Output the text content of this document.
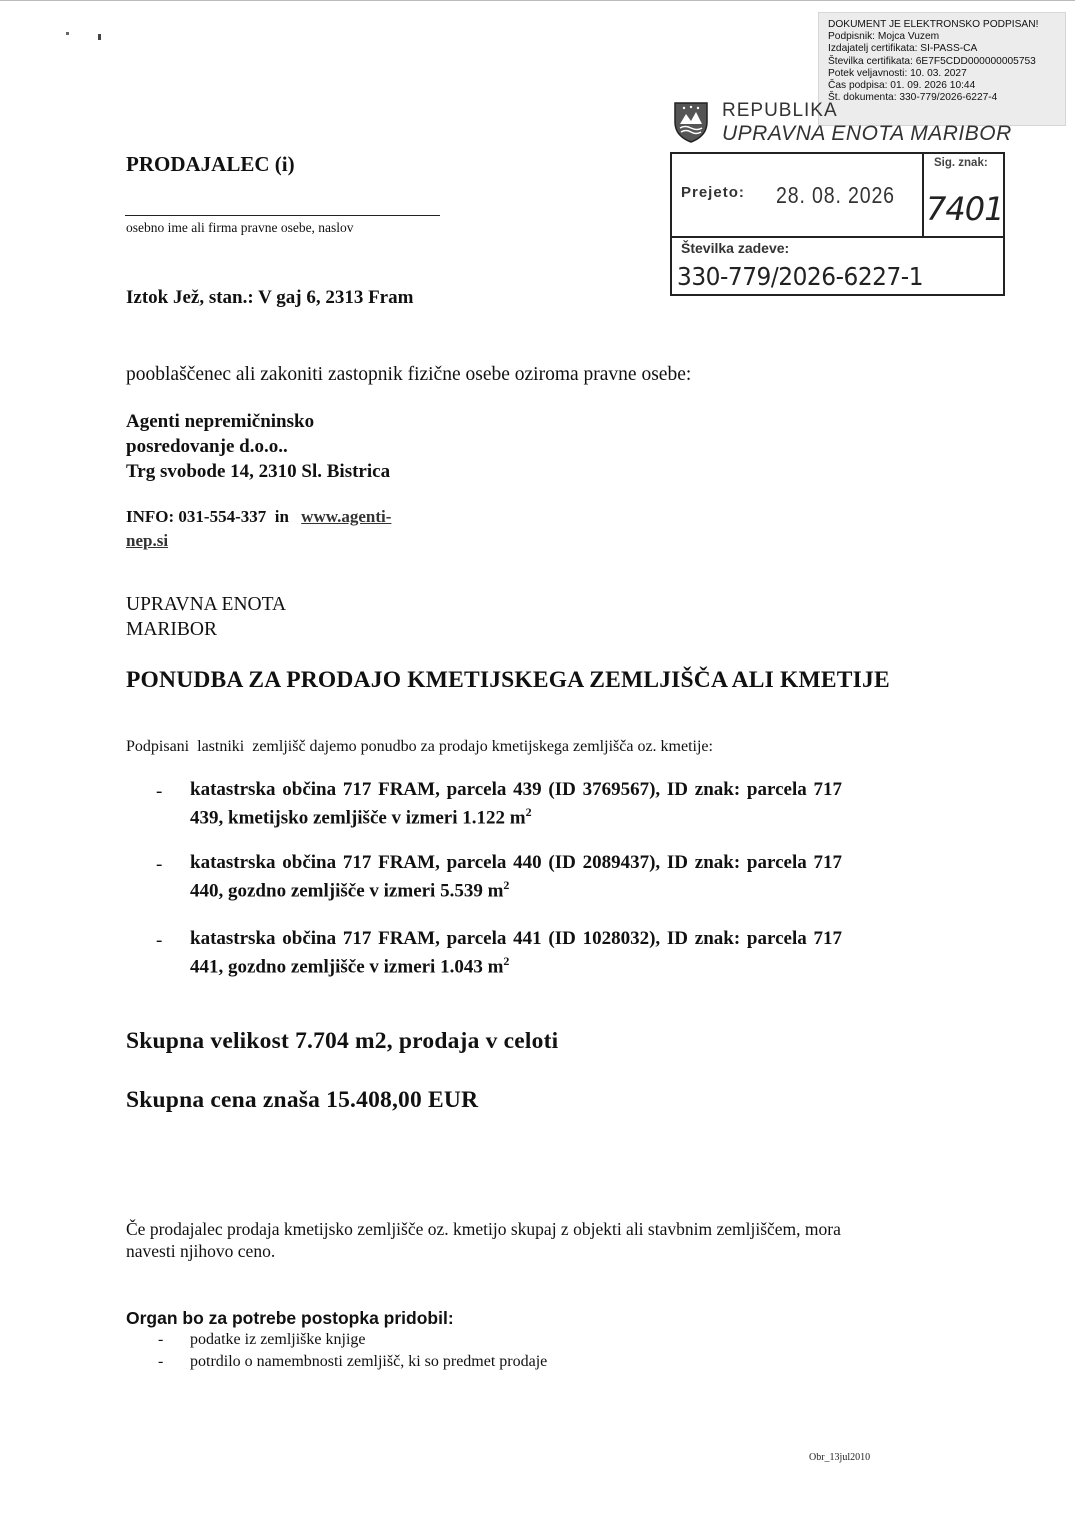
DOKUMENT JE ELEKTRONSKO PODPISAN!
Podpisnik: Mojca Vuzem
Izdajatelj certifikata: SI-PASS-CA
Številka certifikata: 6E7F5CDD000000005753
Potek veljavnosti: 10. 03. 2027
Čas podpisa: 01. 09. 2026 10:44
Št. dokumenta: 330-779/2026-6227-4
REPUBLIKA
UPRAVNA ENOTA MARIBOR
Prejeto: 28. 08. 2026
Sig. znak:
7401
Številka zadeve:
330-779/2026-6227-1
PRODAJALEC (i)
osebno ime ali firma pravne osebe, naslov
Iztok Jež, stan.: V gaj 6, 2313 Fram
pooblaščenec ali zakoniti zastopnik fizične osebe oziroma pravne osebe:
Agenti nepremičninsko
posredovanje d.o.o..
Trg svobode 14, 2310 Sl. Bistrica
INFO: 031-554-337  in www.agenti-
nep.si
UPRAVNA ENOTA
MARIBOR
PONUDBA ZA PRODAJO KMETIJSKEGA ZEMLJIŠČA ALI KMETIJE
Podpisani  lastniki  zemljišč dajemo ponudbo za prodajo kmetijskega zemljišča oz. kmetije:
- katastrska občina 717 FRAM, parcela 439 (ID 3769567), ID znak: parcela 717
439, kmetijsko zemljišče v izmeri 1.122 $m^2$
- katastrska občina 717 FRAM, parcela 440 (ID 2089437), ID znak: parcela 717
440, gozdno zemljišče v izmeri 5.539 $m^2$
- katastrska občina 717 FRAM, parcela 441 (ID 1028032), ID znak: parcela 717
441, gozdno zemljišče v izmeri 1.043 $m^2$
Skupna velikost 7.704 m2, prodaja v celoti
Skupna cena znaša 15.408,00 EUR
Če prodajalec prodaja kmetijsko zemljišče oz. kmetijo skupaj z objekti ali stavbnim zemljiščem, mora
navesti njihovo ceno.
Organ bo za potrebe postopka pridobil:
- podatke iz zemljiške knjige
- potrdilo o namembnosti zemljišč, ki so predmet prodaje
Obr_13jul2010
